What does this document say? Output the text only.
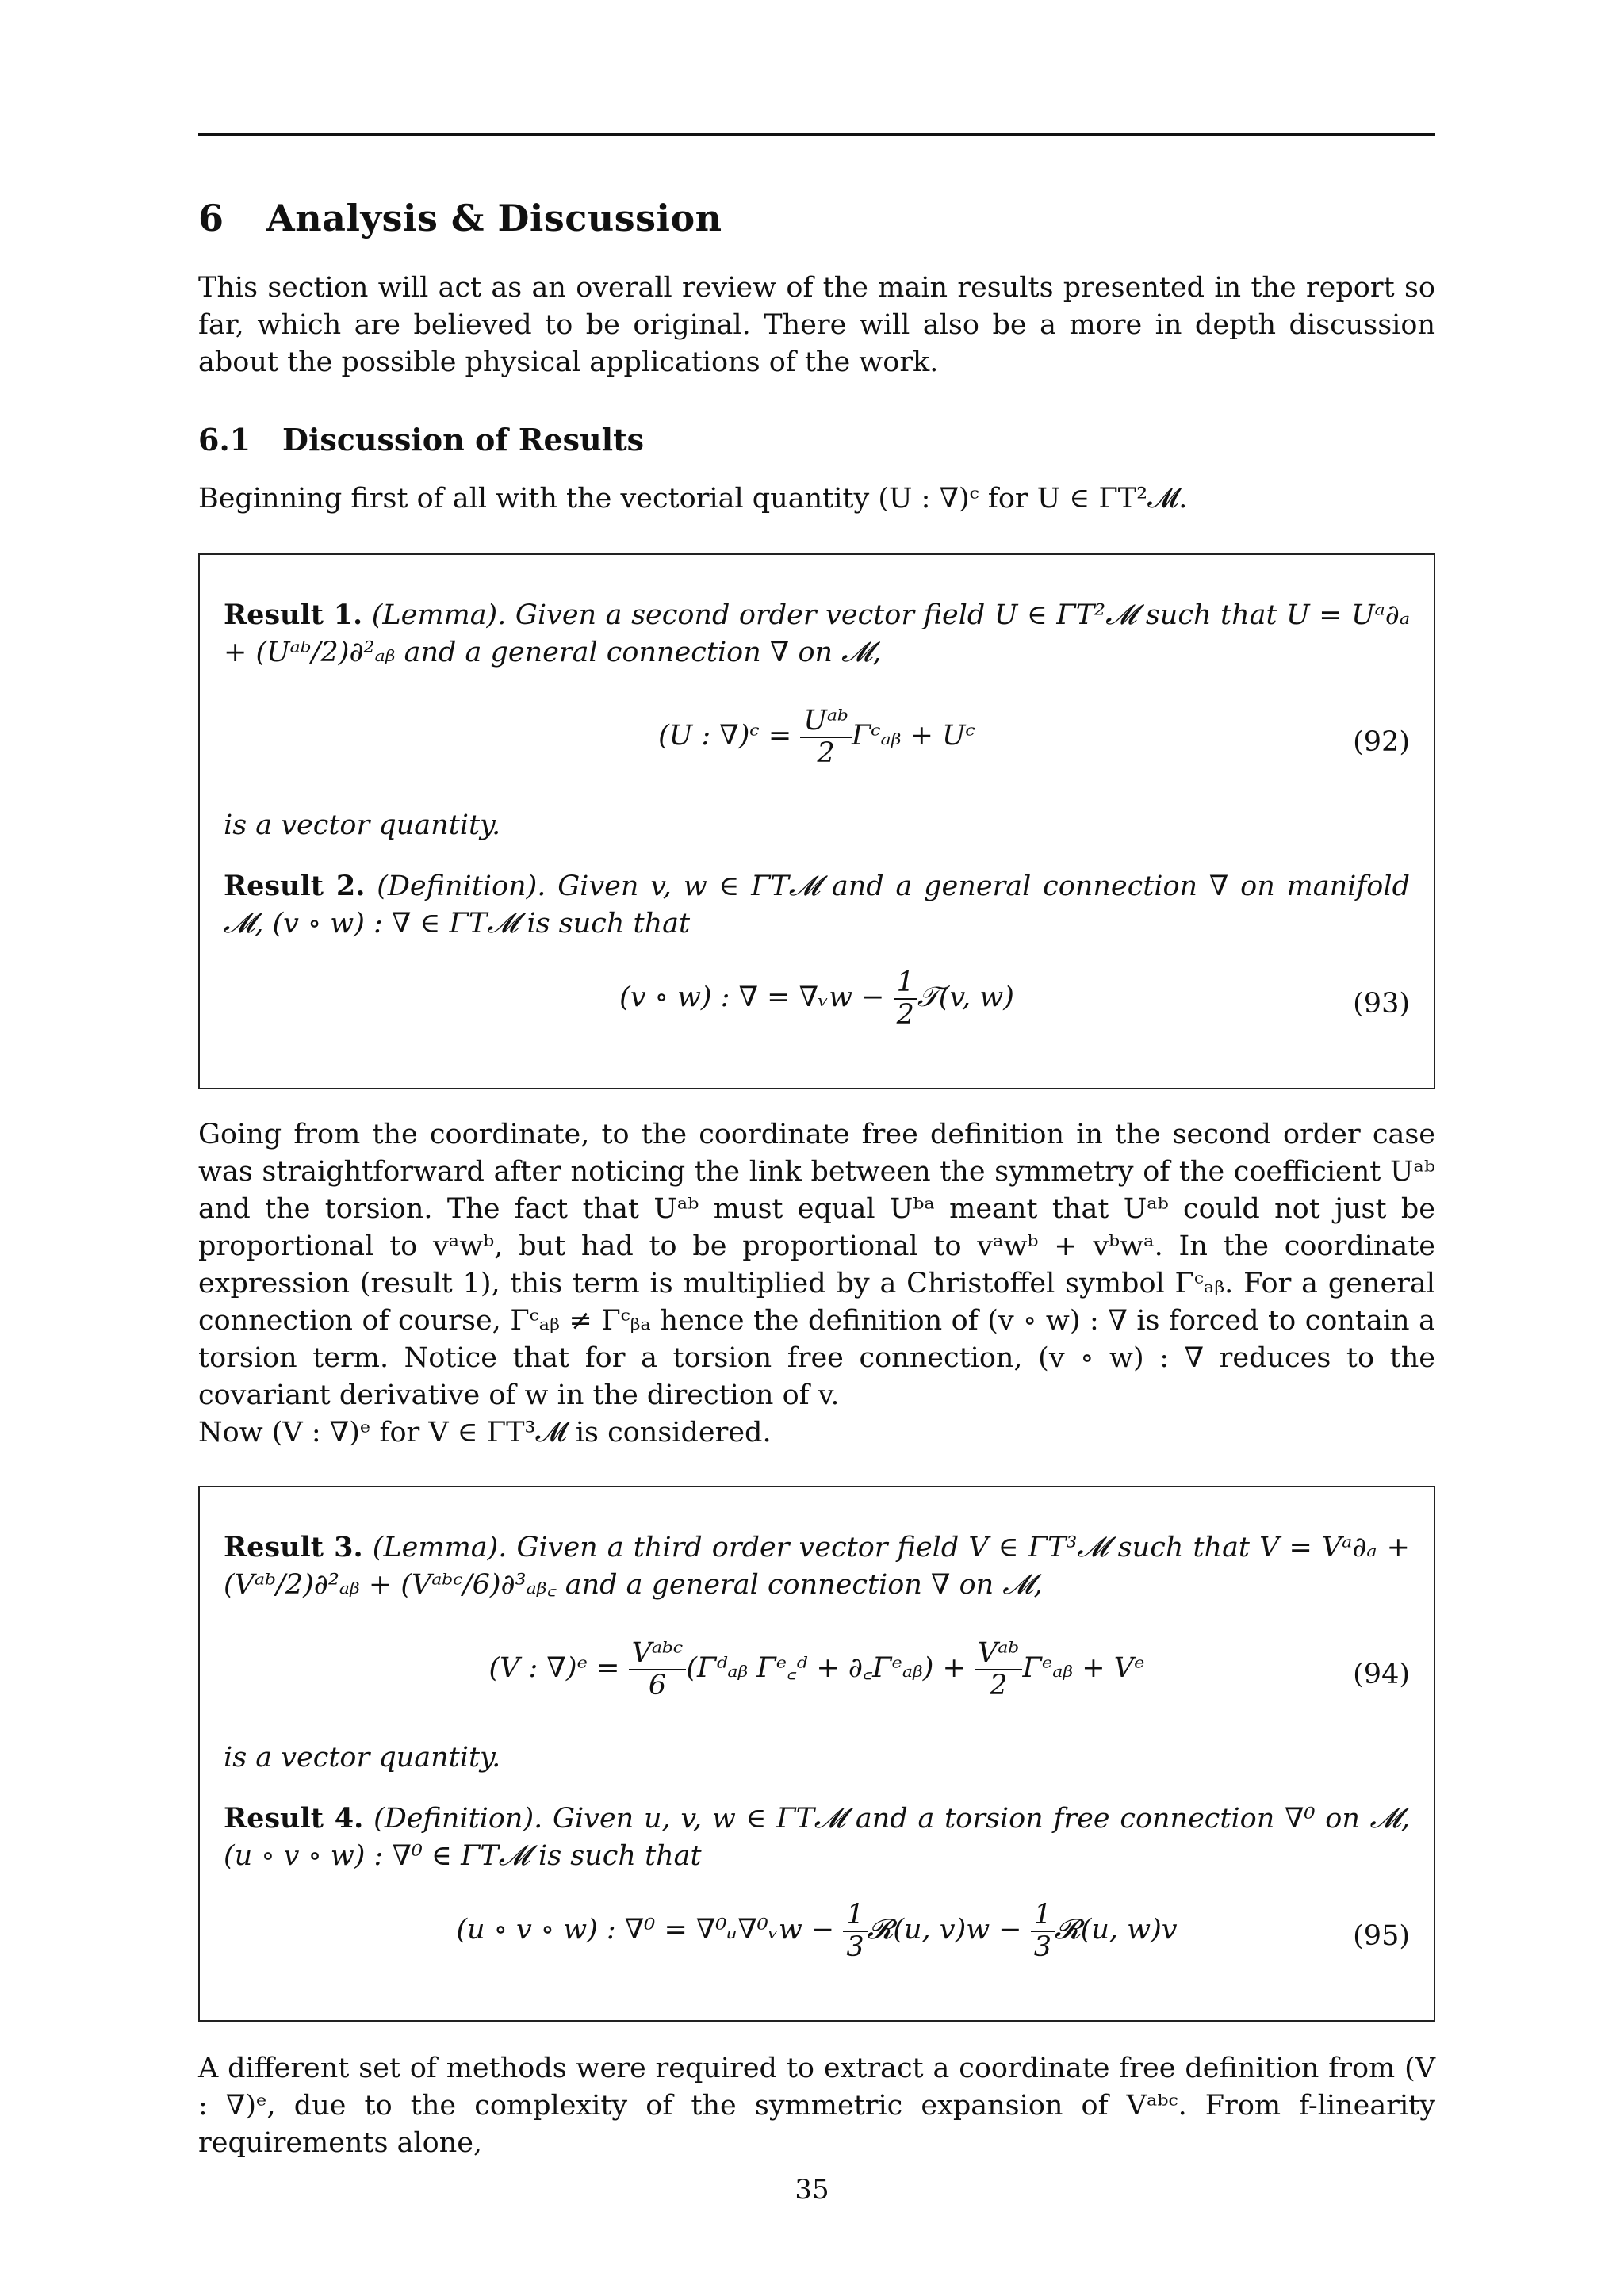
6 Analysis & Discussion

This section will act as an overall review of the main results presented in the report so far, which are believed to be original. There will also be a more in depth discussion about the possible physical applications of the work.

6.1 Discussion of Results

Beginning first of all with the vectorial quantity (U : ∇)ᶜ for U ∈ ΓT²𝓜.

Result 1. (Lemma). Given a second order vector field U ∈ ΓT²𝓜 such that U = Uᵃ∂ₐ + (Uᵃᵇ/2)∂²ₐᵦ and a general connection ∇ on 𝓜,

(U : ∇)ᶜ = $\frac{\text{Uᵃᵇ}}{2}$ Γᶜₐᵦ + Uᶜ	(92)

is a vector quantity.

Result 2. (Definition). Given v, w ∈ ΓT𝓜 and a general connection ∇ on manifold 𝓜, (v ∘ w) : ∇ ∈ ΓT𝓜 is such that

(v ∘ w) : ∇ = ∇ᵥw − $\frac{1}{2}$ 𝒯(v, w)	(93)

Going from the coordinate, to the coordinate free definition in the second order case was straightforward after noticing the link between the symmetry of the coefficient Uᵃᵇ and the torsion. The fact that Uᵃᵇ must equal Uᵇᵃ meant that Uᵃᵇ could not just be proportional to vᵃwᵇ, but had to be proportional to vᵃwᵇ + vᵇwᵃ. In the coordinate expression (result 1), this term is multiplied by a Christoffel symbol Γᶜₐᵦ. For a general connection of course, Γᶜₐᵦ ≠ Γᶜᵦₐ hence the definition of (v ∘ w) : ∇ is forced to contain a torsion term. Notice that for a torsion free connection, (v ∘ w) : ∇ reduces to the covariant derivative of w in the direction of v.

Now (V : ∇)ᵉ for V ∈ ΓT³𝓜 is considered.

Result 3. (Lemma). Given a third order vector field V ∈ ΓT³𝓜 such that V = Vᵃ∂ₐ + (Vᵃᵇ/2)∂²ₐᵦ + (Vᵃᵇᶜ/6)∂³ₐᵦ꜀ and a general connection ∇ on 𝓜,

(V : ∇)ᵉ = $\frac{\text{Vᵃᵇᶜ}}{6}$ (Γᵈₐᵦ Γᵉ꜀ᵈ + ∂꜀Γᵉₐᵦ) + $\frac{\text{Vᵃᵇ}}{2}$ Γᵉₐᵦ + Vᵉ	(94)

is a vector quantity.

Result 4. (Definition). Given u, v, w ∈ ΓT𝓜 and a torsion free connection ∇⁰ on 𝓜, (u ∘ v ∘ w) : ∇⁰ ∈ ΓT𝓜 is such that

(u ∘ v ∘ w) : ∇⁰ = ∇⁰ᵤ∇⁰ᵥw − $\frac{1}{3}$ 𝓡(u, $v)w - \frac{1}{3}$ 𝓡(u, w)v	(95)

A different set of methods were required to extract a coordinate free definition from (V : ∇)ᵉ, due to the complexity of the symmetric expansion of Vᵃᵇᶜ. From f-linearity requirements alone,

35
